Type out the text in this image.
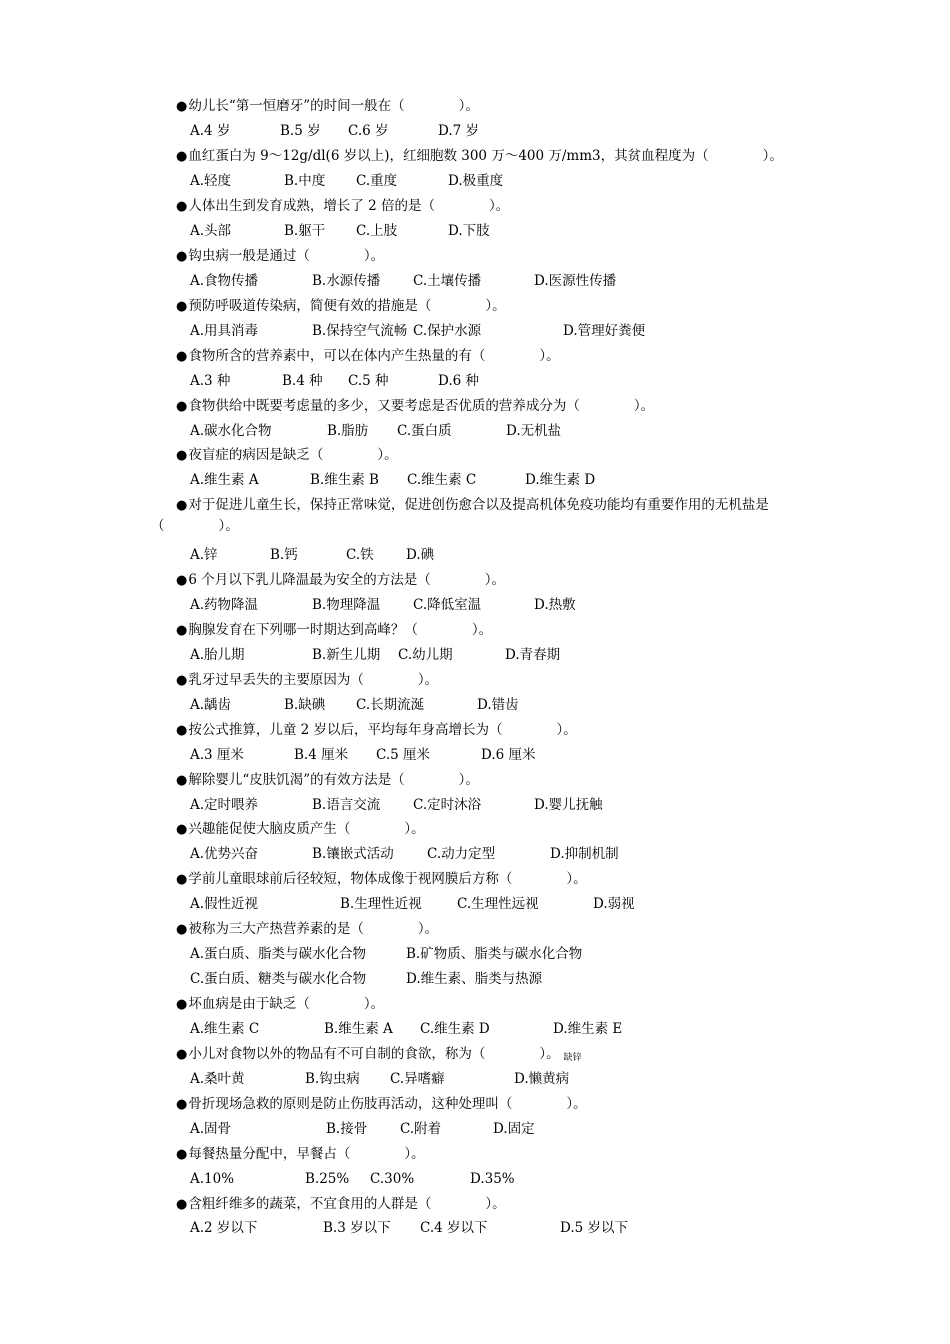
●幼儿长“第一恒磨牙”的时间一般在（　　　　）。
A.4 岁	B.5 岁 C.6 岁	D.7 岁
●血红蛋白为 9～12g/dl(6 岁以上)，红细胞数 300 万～400 万/mm3，其贫血程度为（　　　　）。
A.轻度	B.中度 C.重度	D.极重度
●人体出生到发育成熟，增长了 2 倍的是（　　　　）。
A.头部	B.躯干 C.上肢	D.下肢
●钩虫病一般是通过（　　　　）。
A.食物传播	B.水源传播 C.土壤传播	D.医源性传播
●预防呼吸道传染病，简便有效的措施是（　　　　）。
A.用具消毒	B.保持空气流畅 C.保护水源	D.管理好粪便
●食物所含的营养素中，可以在体内产生热量的有（　　　　）。
A.3 种	B.4 种 C.5 种	D.6 种
●食物供给中既要考虑量的多少，又要考虑是否优质的营养成分为（　　　　）。
A.碳水化合物	B.脂肪 C.蛋白质	D.无机盐
●夜盲症的病因是缺乏（　　　　）。
A.维生素 A	B.维生素 B C.维生素 C	D.维生素 D
●对于促进儿童生长，保持正常味觉，促进创伤愈合以及提高机体免疫功能均有重要作用的无机盐是
（　　　　）。
A.锌	B.钙	C.铁 D.碘
●6 个月以下乳儿降温最为安全的方法是（　　　　）。
A.药物降温	B.物理降温 C.降低室温	D.热敷
●胸腺发育在下列哪一时期达到高峰？（　　　　）。
A.胎儿期	B.新生儿期 C.幼儿期	D.青春期
●乳牙过早丢失的主要原因为（　　　　）。
A.龋齿	B.缺碘 C.长期流涎	D.错齿
●按公式推算，儿童 2 岁以后，平均每年身高增长为（　　　　）。
A.3 厘米	B.4 厘米 C.5 厘米	D.6 厘米
●解除婴儿“皮肤饥渴”的有效方法是（　　　　）。
A.定时喂养	B.语言交流 C.定时沐浴	D.婴儿抚触
●兴趣能促使大脑皮质产生（　　　　）。
A.优势兴奋	B.镶嵌式活动 C.动力定型	D.抑制机制
●学前儿童眼球前后径较短，物体成像于视网膜后方称（　　　　）。
A.假性近视	B.生理性近视	C.生理性远视	D.弱视
●被称为三大产热营养素的是（　　　　）。
A.蛋白质、脂类与碳水化合物	B.矿物质、脂类与碳水化合物
C.蛋白质、糖类与碳水化合物	D.维生素、脂类与热源
●坏血病是由于缺乏（　　　　）。
A.维生素 C	B.维生素 A C.维生素 D	D.维生素 E
●小儿对食物以外的物品有不可自制的食欲，称为（　　　　）。 缺锌
A.桑叶黄	B.钩虫病 C.异嗜癖	D.懒黄病
●骨折现场急救的原则是防止伤肢再活动，这种处理叫（　　　　）。
A.固骨	B.接骨 C.附着	D.固定
●每餐热量分配中，早餐占（　　　　）。
A.10%	B.25% C.30%	D.35%
●含粗纤维多的蔬菜，不宜食用的人群是（　　　　）。
A.2 岁以下	B.3 岁以下 C.4 岁以下	D.5 岁以下
